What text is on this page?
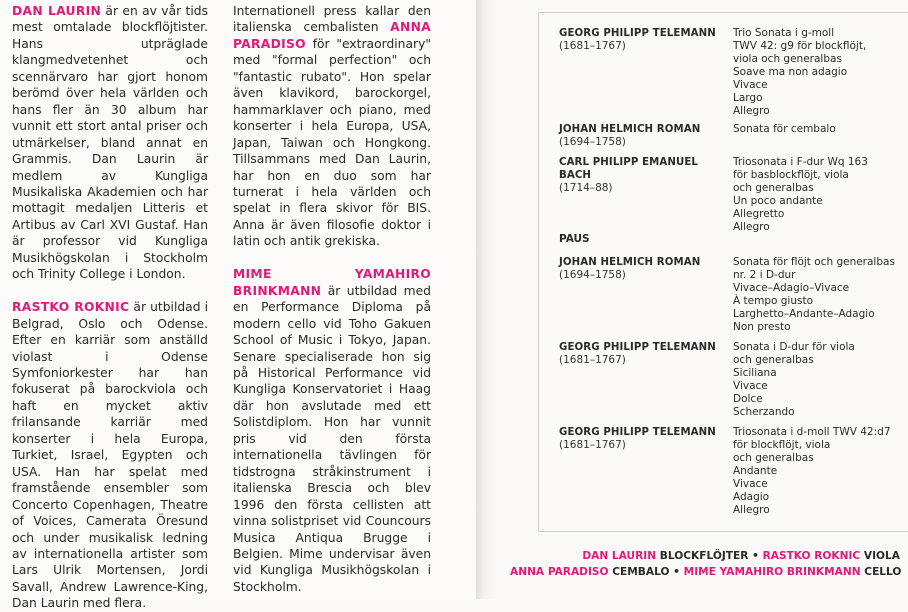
DAN LAURIN är en av vår tids mest omtalade blockflöjtister. Hans utpräglade klangmedvetenhet och scennärvaro har gjort honom berömd över hela världen och hans fler än 30 album har vunnit ett stort antal priser och utmärkelser, bland annat en Grammis. Dan Laurin är medlem av Kungliga Musikaliska Akademien och har mottagit medaljen Litteris et Artibus av Carl XVI Gustaf. Han är professor vid Kungliga Musikhögskolan i Stockholm och Trinity College i London.

RASTKO ROKNIC är utbildad i Belgrad, Oslo och Odense. Efter en karriär som anställd violast i Odense Symfoniorkester har han fokuserat på barockviola och haft en mycket aktiv frilansande karriär med konserter i hela Europa, Turkiet, Israel, Egypten och USA. Han har spelat med framstående ensembler som Concerto Copenhagen, Theatre of Voices, Camerata Öresund och under musikalisk ledning av internationella artister som Lars Ulrik Mortensen, Jordi Savall, Andrew Lawrence-King, Dan Laurin med flera.

Internationell press kallar den italienska cembalisten ANNA PARADISO för "extraordinary" med "formal perfection" och "fantastic rubato". Hon spelar även klavikord, barockorgel, hammarklaver och piano, med konserter i hela Europa, USA, Japan, Taiwan och Hongkong. Tillsammans med Dan Laurin, har hon en duo som har turnerat i hela världen och spelat in flera skivor för BIS. Anna är även filosofie doktor i latin och antik grekiska.

MIME YAMAHIRO BRINKMANN är utbildad med en Performance Diploma på modern cello vid Toho Gakuen School of Music i Tokyo, Japan. Senare specialiserade hon sig på Historical Performance vid Kungliga Konservatoriet i Haag där hon avslutade med ett Solistdiplom. Hon har vunnit pris vid den första internationella tävlingen för tidstrogna stråkinstrument i italienska Brescia och blev 1996 den första cellisten att vinna solistpriset vid Councours Musica Antiqua Brugge i Belgien. Mime undervisar även vid Kungliga Musikhögskolan i Stockholm.

GEORG PHILIPP TELEMANN
(1681–1767)
Trio Sonata i g-moll
TWV 42: g9 för blockflöjt,
viola och generalbas
Soave ma non adagio
Vivace
Largo
Allegro
JOHAN HELMICH ROMAN
(1694–1758)
Sonata för cembalo
CARL PHILIPP EMANUEL BACH
(1714–88)
Triosonata i F-dur Wq 163
för basblockflöjt, viola
och generalbas
Un poco andante
Allegretto
Allegro
PAUS
JOHAN HELMICH ROMAN
(1694–1758)
Sonata för flöjt och generalbas
nr. 2 i D-dur
Vivace–Adagio–Vivace
À tempo giusto
Larghetto–Andante–Adagio
Non presto
GEORG PHILIPP TELEMANN
(1681–1767)
Sonata i D-dur för viola
och generalbas
Siciliana
Vivace
Dolce
Scherzando
GEORG PHILIPP TELEMANN
(1681–1767)
Triosonata i d-moll TWV 42:d7
för blockflöjt, viola
och generalbas
Andante
Vivace
Adagio
Allegro
DAN LAURIN BLOCKFLÖJTER • RASTKO ROKNIC VIOLA
ANNA PARADISO CEMBALO • MIME YAMAHIRO BRINKMANN CELLO
